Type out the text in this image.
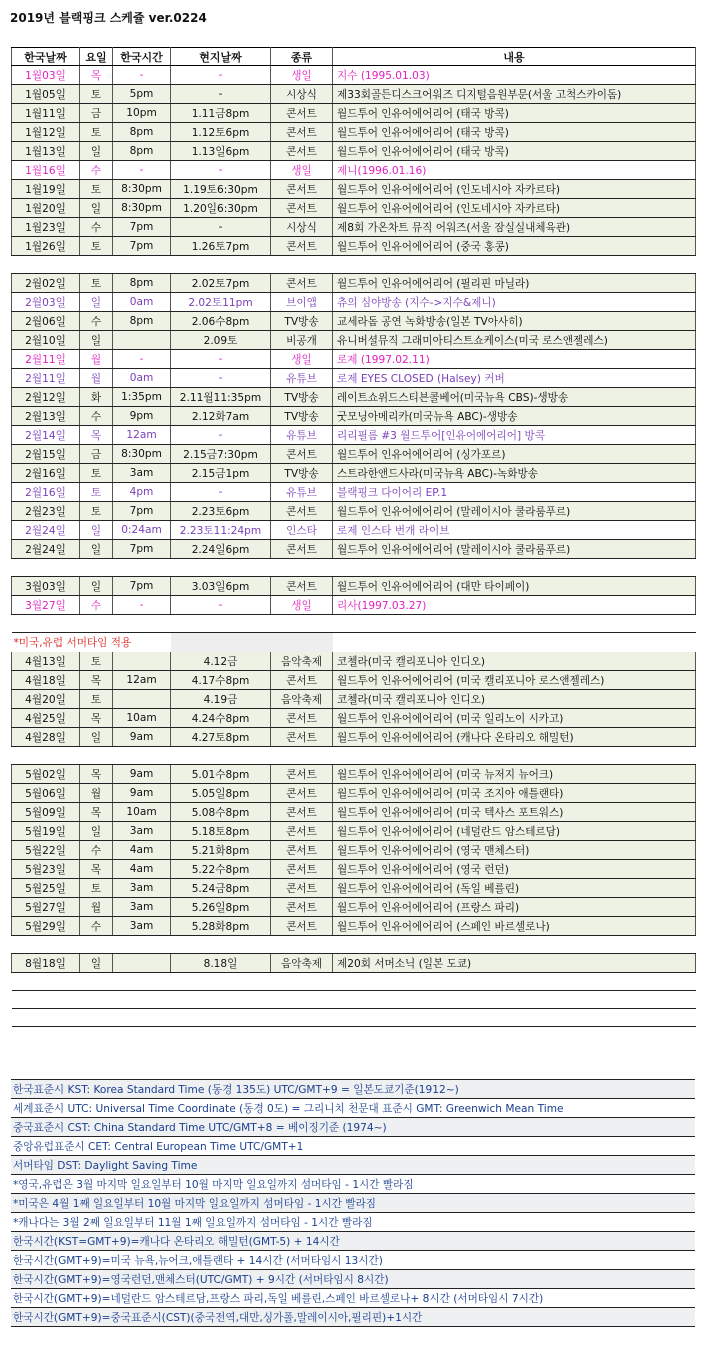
2019년 블랙핑크 스케쥴 ver.0224
한국날짜	요일	한국시간	현지날짜	종류	내용
1월03일	목	-	-	생일	지수 (1995.01.03)
1월05일	토	5pm	-	시상식	제33회골든디스크어워즈 디지털음원부문(서울 고척스카이돔)
1월11일	금	10pm	1.11금8pm	콘서트	월드투어 인유어에어리어 (태국 방콕)
1월12일	토	8pm	1.12토6pm	콘서트	월드투어 인유어에어리어 (태국 방콕)
1월13일	일	8pm	1.13일6pm	콘서트	월드투어 인유어에어리어 (태국 방콕)
1월16일	수	-	-	생일	제니(1996.01.16)
1월19일	토	8:30pm	1.19토6:30pm	콘서트	월드투어 인유어에어리어 (인도네시아 자카르타)
1월20일	일	8:30pm	1.20일6:30pm	콘서트	월드투어 인유어에어리어 (인도네시아 자카르타)
1월23일	수	7pm	-	시상식	제8회 가온차트 뮤직 어워즈(서울 잠실실내체육관)
1월26일	토	7pm	1.26토7pm	콘서트	월드투어 인유어에어리어 (중국 홍콩)

2월02일	토	8pm	2.02토7pm	콘서트	월드투어 인유어에어리어 (필리핀 마닐라)
2월03일	일	0am	2.02토11pm	브이앱	츄의 심야방송 (지수->지수&제니)
2월06일	수	8pm	2.06수8pm	TV방송	교세라돔 공연 녹화방송(일본 TV아사히)
2월10일	일		2.09토	비공개	유니버셜뮤직 그래미아티스트쇼케이스(미국 로스앤젤레스)
2월11일	월	-	-	생일	로제 (1997.02.11)
2월11일	월	0am	-	유튜브	로제 EYES CLOSED (Halsey) 커버
2월12일	화	1:35pm	2.11월11:35pm	TV방송	레이트쇼위드스티븐콜베어(미국뉴욕 CBS)-생방송
2월13일	수	9pm	2.12화7am	TV방송	굿모닝아메리카(미국뉴욕 ABC)-생방송
2월14일	목	12am	-	유튜브	리리필름 #3 월드투어[인유어에어리어] 방콕
2월15일	금	8:30pm	2.15금7:30pm	콘서트	월드투어 인유어에어리어 (싱가포르)
2월16일	토	3am	2.15금1pm	TV방송	스트라한앤드사라(미국뉴욕 ABC)-녹화방송
2월16일	토	4pm	-	유튜브	블랙핑크 다이어리 EP.1
2월23일	토	7pm	2.23토6pm	콘서트	월드투어 인유어에어리어 (말레이시아 쿨라룸푸르)
2월24일	일	0:24am	2.23토11:24pm	인스타	로제 인스타 번개 라이브
2월24일	일	7pm	2.24일6pm	콘서트	월드투어 인유어에어리어 (말레이시아 쿨라룸푸르)

3월03일	일	7pm	3.03일6pm	콘서트	월드투어 인유어에어리어 (대만 타이페이)
3월27일	수	-	-	생일	리사(1997.03.27)

*미국,유럽 서머타임 적용					
4월13일	토		4.12금	음악축제	코첼라(미국 캘리포니아 인디오)
4월18일	목	12am	4.17수8pm	콘서트	월드투어 인유어에어리어 (미국 캘리포니아 로스앤젤레스)
4월20일	토		4.19금	음악축제	코첼라(미국 캘리포니아 인디오)
4월25일	목	10am	4.24수8pm	콘서트	월드투어 인유어에어리어 (미국 일리노이 시카고)
4월28일	일	9am	4.27토8pm	콘서트	월드투어 인유어에어리어 (캐나다 온타리오 해밀턴)

5월02일	목	9am	5.01수8pm	콘서트	월드투어 인유어에어리어 (미국 뉴저지 뉴어크)
5월06일	월	9am	5.05일8pm	콘서트	월드투어 인유어에어리어 (미국 조지아 애틀랜타)
5월09일	목	10am	5.08수8pm	콘서트	월드투어 인유어에어리어 (미국 텍사스 포트워스)
5월19일	일	3am	5.18토8pm	콘서트	월드투어 인유어에어리어 (네덜란드 암스테르담)
5월22일	수	4am	5.21화8pm	콘서트	월드투어 인유어에어리어 (영국 맨체스터)
5월23일	목	4am	5.22수8pm	콘서트	월드투어 인유어에어리어 (영국 런던)
5월25일	토	3am	5.24금8pm	콘서트	월드투어 인유어에어리어 (독일 베를린)
5월27일	월	3am	5.26일8pm	콘서트	월드투어 인유어에어리어 (프랑스 파리)
5월29일	수	3am	5.28화8pm	콘서트	월드투어 인유어에어리어 (스페인 바르셀로나)

8월18일	일		8.18일	음악축제	제20회 서머소닉 (일본 도쿄)

한국표준시 KST: Korea Standard Time (동경 135도) UTC/GMT+9 = 일본도쿄기준(1912~)
세계표준시 UTC: Universal Time Coordinate (동경 0도) = 그리니치 천문대 표준시 GMT: Greenwich Mean Time
중국표준시 CST: China Standard Time UTC/GMT+8 = 베이징기준 (1974~)
중앙유럽표준시 CET: Central European Time UTC/GMT+1
서머타임 DST: Daylight Saving Time
*영국,유럽은 3월 마지막 일요일부터 10월 마지막 일요일까지 섬머타임 - 1시간 빨라짐
*미국은 4월 1째 일요일부터 10월 마지막 일요일까지 섬머타임 - 1시간 빨라짐
*캐나다는 3월 2째 일요일부터 11월 1째 일요일까지 섬머타임 - 1시간 빨라짐
한국시간(KST=GMT+9)=캐나다 온타리오 해밀턴(GMT-5) + 14시간
한국시간(GMT+9)=미국 뉴욕,뉴어크,애틀랜타 + 14시간 (서머타임시 13시간)
한국시간(GMT+9)=영국런던,맨체스터(UTC/GMT) + 9시간 (서머타임시 8시간)
한국시간(GMT+9)=네덜란드 암스테르담,프랑스 파리,독일 베를린,스페인 바르셀로나+ 8시간 (서머타임시 7시간)
한국시간(GMT+9)=중국표준시(CST)(중국전역,대만,싱가폴,말레이시아,필리핀)+1시간
